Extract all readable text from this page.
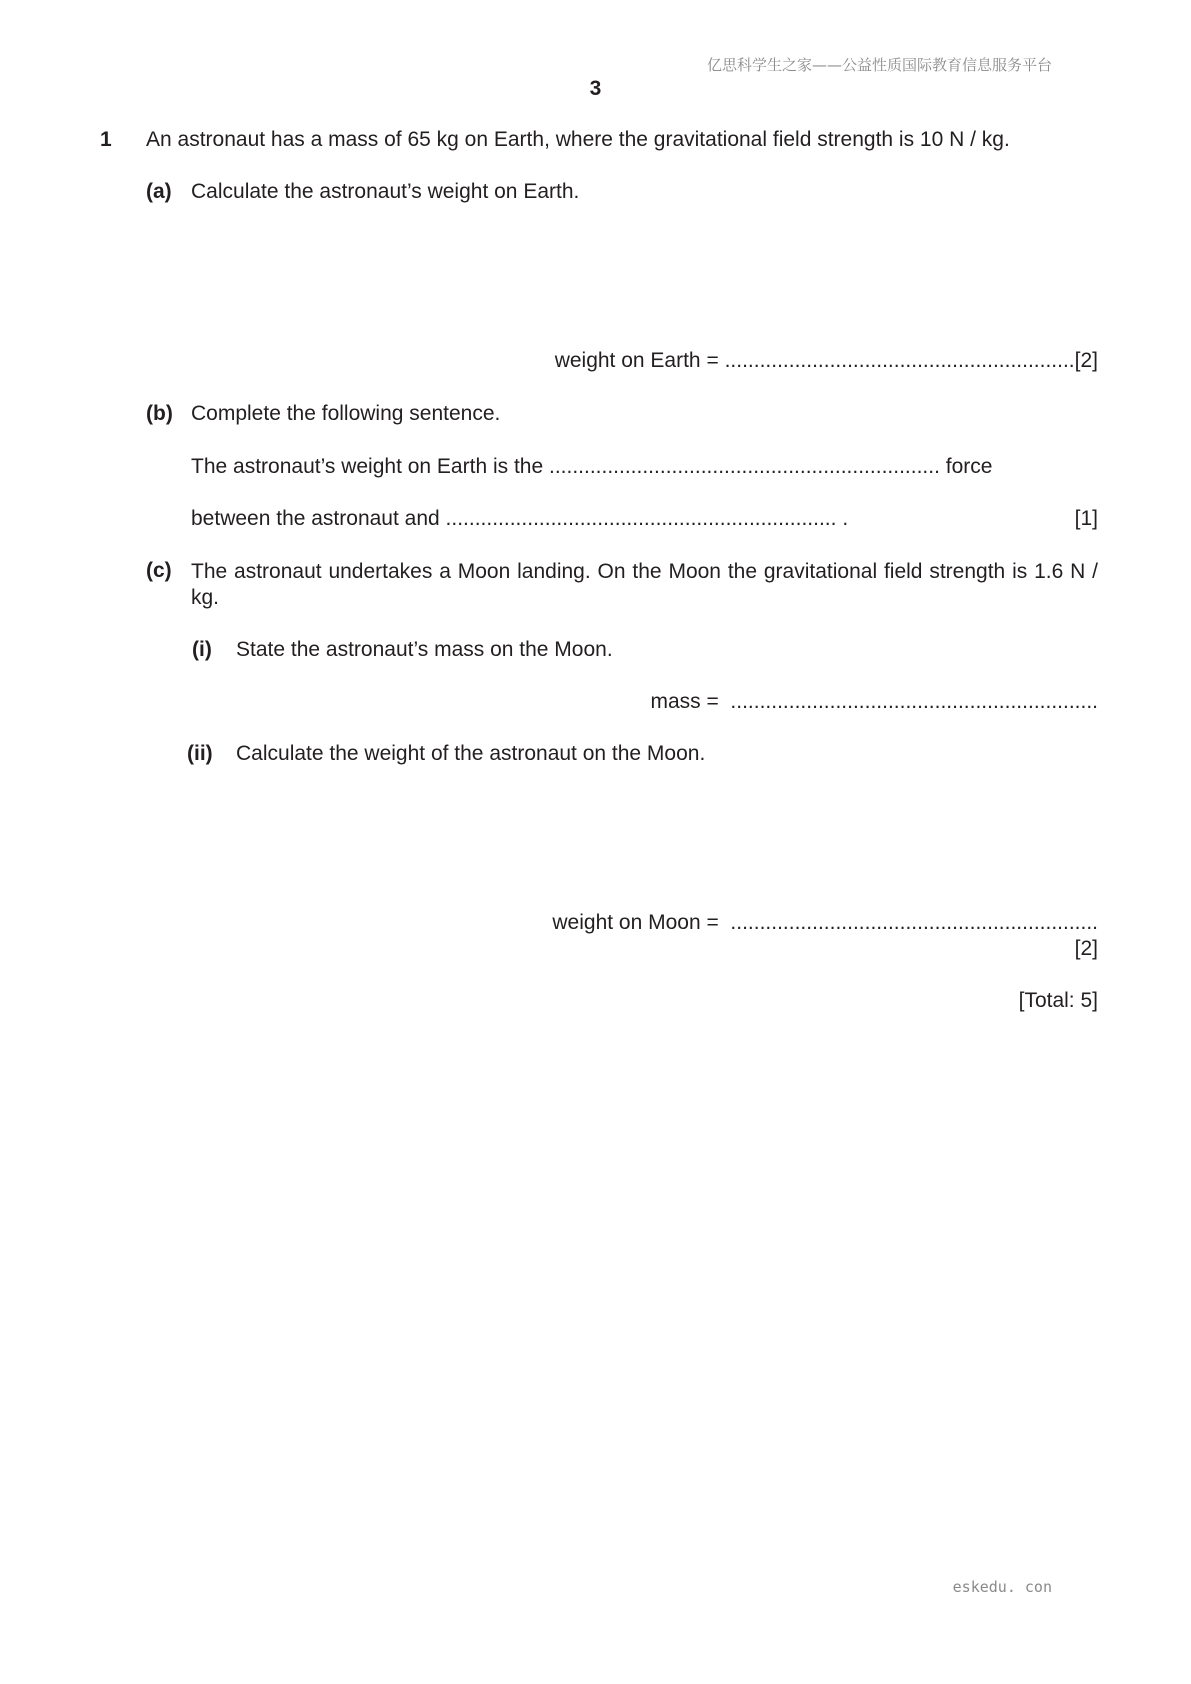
亿思科学生之家——公益性质国际教育信息服务平台
3
1 An astronaut has a mass of 65 kg on Earth, where the gravitational field strength is 10 N / kg.
(a) Calculate the astronaut’s weight on Earth.
weight on Earth = ............................................................[2]
(b) Complete the following sentence.
The astronaut’s weight on Earth is the ................................................................... force
between the astronaut and ................................................................... .	[1]
(c) The astronaut undertakes a Moon landing. On the Moon the gravitational field strength is 1.6 N / kg.
(i) State the astronaut’s mass on the Moon.
mass = ...............................................................
(ii) Calculate the weight of the astronaut on the Moon.
weight on Moon = ...............................................................
[2]
[Total: 5]
eskedu. con
